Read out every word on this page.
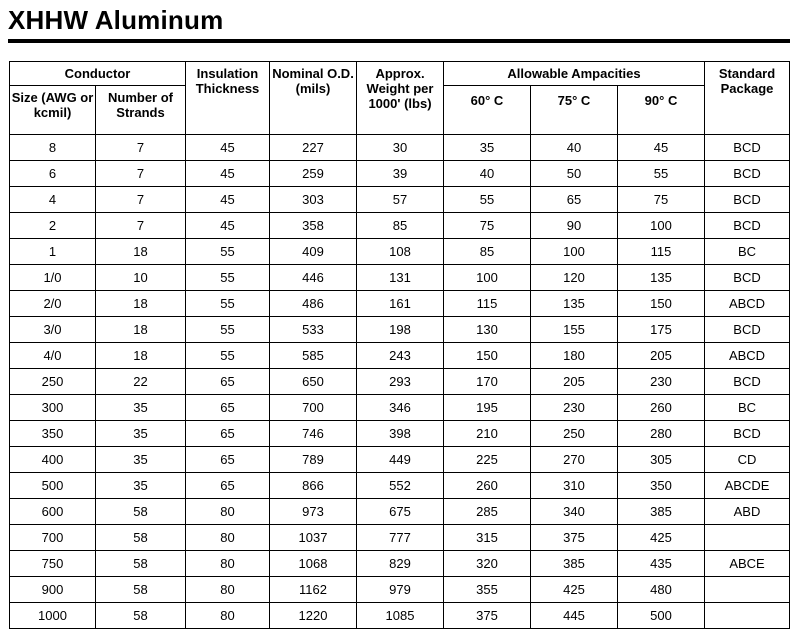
XHHW Aluminum
Conductor		Insulation Thickness	Nominal O.D. (mils)	Approx. Weight per 1000' (lbs)	Allowable Ampacities			Standard Package
Size (AWG or kcmil)	Number of Strands				60° C	75° C	90° C	
8	7	45	227	30	35	40	45	BCD
6	7	45	259	39	40	50	55	BCD
4	7	45	303	57	55	65	75	BCD
2	7	45	358	85	75	90	100	BCD
1	18	55	409	108	85	100	115	BC
1/0	10	55	446	131	100	120	135	BCD
2/0	18	55	486	161	115	135	150	ABCD
3/0	18	55	533	198	130	155	175	BCD
4/0	18	55	585	243	150	180	205	ABCD
250	22	65	650	293	170	205	230	BCD
300	35	65	700	346	195	230	260	BC
350	35	65	746	398	210	250	280	BCD
400	35	65	789	449	225	270	305	CD
500	35	65	866	552	260	310	350	ABCDE
600	58	80	973	675	285	340	385	ABD
700	58	80	1037	777	315	375	425	
750	58	80	1068	829	320	385	435	ABCE
900	58	80	1162	979	355	425	480	
1000	58	80	1220	1085	375	445	500	
